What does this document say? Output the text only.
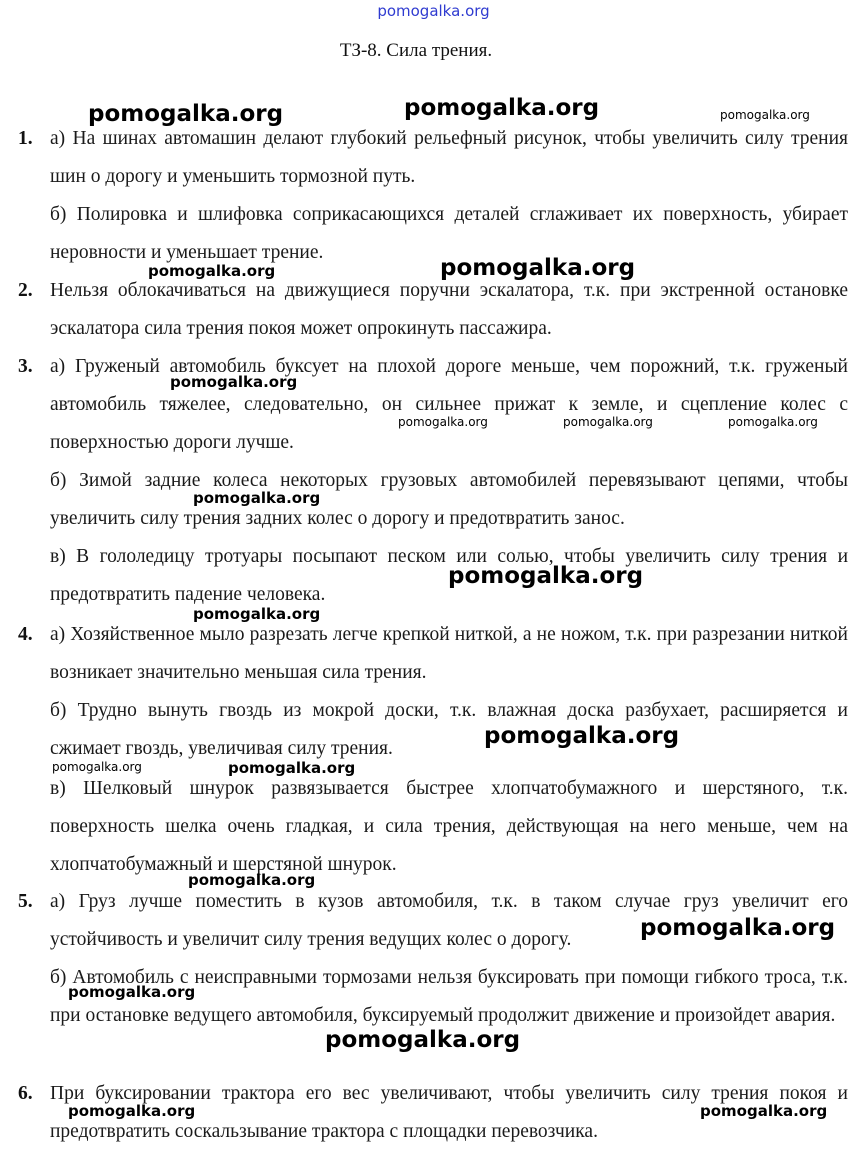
pomogalka.org
ТЗ-8. Сила трения.
1. а) На шинах автомашин делают глубокий рельефный рисунок, чтобы увеличить силу трения шин о дорогу и уменьшить тормозной путь.

б) Полировка и шлифовка соприкасающихся деталей сглаживает их поверхность, убирает неровности и уменьшает трение.

2. Нельзя облокачиваться на движущиеся поручни эскалатора, т.к. при экстренной остановке эскалатора сила трения покоя может опрокинуть пассажира.

3. а) Груженый автомобиль буксует на плохой дороге меньше, чем порожний, т.к. груженый автомобиль тяжелее, следовательно, он сильнее прижат к земле, и сцепление колес с поверхностью дороги лучше.

б) Зимой задние колеса некоторых грузовых автомобилей перевязывают цепями, чтобы увеличить силу трения задних колес о дорогу и предотвратить занос.

в) В гололедицу тротуары посыпают песком или солью, чтобы увеличить силу трения и предотвратить падение человека.

4. а) Хозяйственное мыло разрезать легче крепкой ниткой, а не ножом, т.к. при разрезании ниткой возникает значительно меньшая сила трения.

б) Трудно вынуть гвоздь из мокрой доски, т.к. влажная доска разбухает, расширяется и сжимает гвоздь, увеличивая силу трения.

в) Шелковый шнурок развязывается быстрее хлопчатобумажного и шерстяного, т.к. поверхность шелка очень гладкая, и сила трения, действующая на него меньше, чем на хлопчатобумажный и шерстяной шнурок.

5. а) Груз лучше поместить в кузов автомобиля, т.к. в таком случае груз увеличит его устойчивость и увеличит силу трения ведущих колес о дорогу.

б) Автомобиль с неисправными тормозами нельзя буксировать при помощи гибкого троса, т.к. при остановке ведущего автомобиля, буксируемый продолжит движение и произойдет авария.

6. При буксировании трактора его вес увеличивают, чтобы увеличить силу трения покоя и предотвратить соскальзывание трактора с площадки перевозчика.

pomogalka.org	pomogalka.org	pomogalka.org
pomogalka.org	pomogalka.org
pomogalka.org
pomogalka.org	pomogalka.org	pomogalka.org
pomogalka.org
pomogalka.org
pomogalka.org
pomogalka.org
pomogalka.org	pomogalka.org
pomogalka.org
pomogalka.org
pomogalka.org
pomogalka.org
pomogalka.org	pomogalka.org
